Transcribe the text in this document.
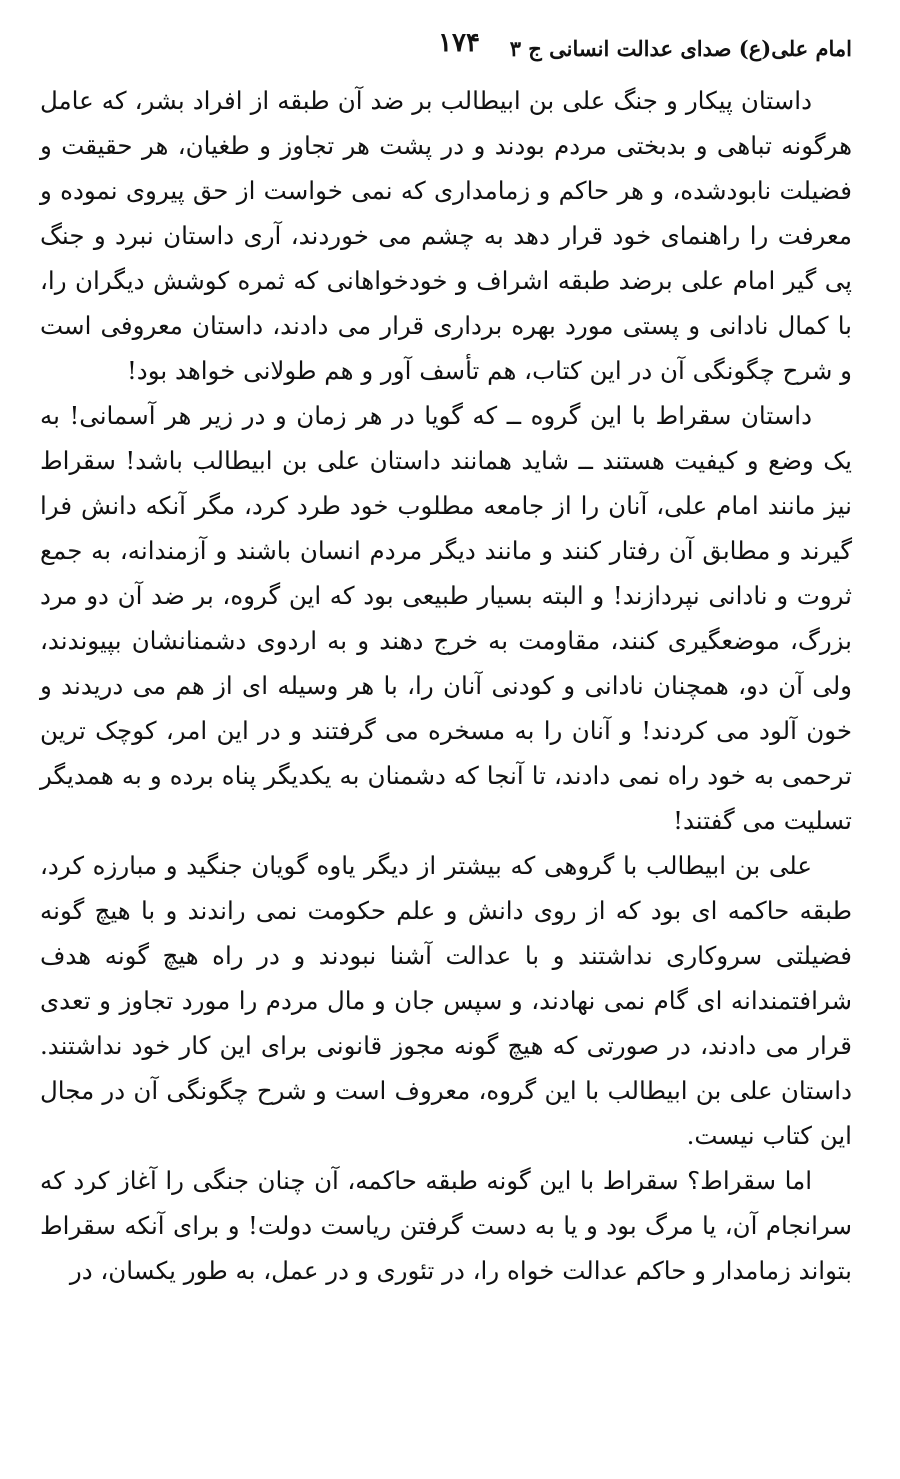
امام علی(ع) صدای عدالت انسانی ج ۳
۱۷۴

داستان پیکار و جنگ علی بن ابیطالب بر ضد آن طبقه از افراد بشر، که عامل هرگونه تباهی و بدبختی مردم بودند و در پشت هر تجاوز و طغیان، هر حقیقت و فضیلت نابودشده، و هر حاکم و زمامداری که نمی خواست از حق پیروی نموده و معرفت را راهنمای خود قرار دهد به چشم می خوردند، آری داستان نبرد و جنگ پی گیر امام علی برضد طبقه اشراف و خودخواهانی که ثمره کوشش دیگران را، با کمال نادانی و پستی مورد بهره برداری قرار می دادند، داستان معروفی است و شرح چگونگی آن در این کتاب، هم تأسف آور و هم طولانی خواهد بود!

داستان سقراط با این گروه ــ که گویا در هر زمان و در زیر هر آسمانی! به یک وضع و کیفیت هستند ــ شاید همانند داستان علی بن ابیطالب باشد! سقراط نیز مانند امام علی، آنان را از جامعه مطلوب خود طرد کرد، مگر آنکه دانش فرا گیرند و مطابق آن رفتار کنند و مانند دیگر مردم انسان باشند و آزمندانه، به جمع ثروت و نادانی نپردازند! و البته بسیار طبیعی بود که این گروه، بر ضد آن دو مرد بزرگ، موضعگیری کنند، مقاومت به خرج دهند و به اردوی دشمنانشان بپیوندند، ولی آن دو، همچنان نادانی و کودنی آنان را، با هر وسیله ای از هم می دریدند و خون آلود می کردند! و آنان را به مسخره می گرفتند و در این امر، کوچک ترین ترحمی به خود راه نمی دادند، تا آنجا که دشمنان به یکدیگر پناه برده و به همدیگر تسلیت می گفتند!

علی بن ابیطالب با گروهی که بیشتر از دیگر یاوه گویان جنگید و مبارزه کرد، طبقه حاکمه ای بود که از روی دانش و علم حکومت نمی راندند و با هیچ گونه فضیلتی سروکاری نداشتند و با عدالت آشنا نبودند و در راه هیچ گونه هدف شرافتمندانه ای گام نمی نهادند، و سپس جان و مال مردم را مورد تجاوز و تعدی قرار می دادند، در صورتی که هیچ گونه مجوز قانونی برای این کار خود نداشتند. داستان علی بن ابیطالب با این گروه، معروف است و شرح چگونگی آن در مجال این کتاب نیست.

اما سقراط؟ سقراط با این گونه طبقه حاکمه، آن چنان جنگی را آغاز کرد که سرانجام آن، یا مرگ بود و یا به دست گرفتن ریاست دولت! و برای آنکه سقراط بتواند زمامدار و حاکم عدالت خواه را، در تئوری و در عمل، به طور یکسان، در
